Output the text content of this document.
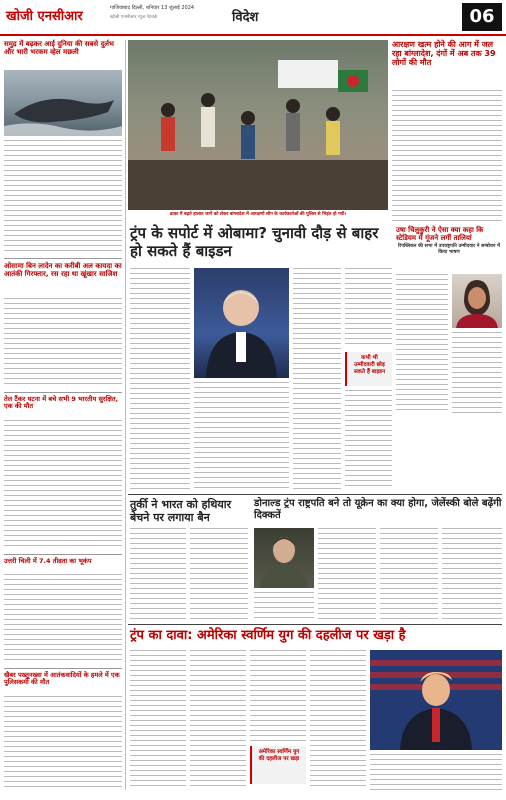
खोजी एनसीआर
गाजियाबाद दिल्ली, शनिवार 13 जुलाई 2024
खोजी एनसीआर न्यूज नेटवर्क	विदेश	06
समुद्र में बढ़कर आई दुनिया की सबसे दुर्लभ और भारी भरकम व्हेल मछली
ओसामा बिन लादेन का करीबी अल कायदा का आतंकी गिरफ्तार, रस रहा था खूंखार साजिश
तेल टैंकर घटना में बचे सभी 9 भारतीय सुरक्षित, एक की मौत
उत्तरी चिली में 7.4 तीव्रता का भूकंप
खैबर पख्तूनख्वा में आतंकवादियों के हमले में एक पुलिसकर्मी की मौत
ढाका में बढ़ते हालात जानें को लेकर बांग्लादेश में आरक्षणों लीग के कार्यकर्ताओं की पुलिस से भिड़ंत हो गयी।
आरक्षण खत्म होने की आग में जल रहा बांग्लादेश, दंगों में अब तक 39 लोगों की मौत
ट्रंप के सपोर्ट में ओबामा? चुनावी दौड़ से बाहर हो सकते हैं बाइडन
कभी भी उम्मीदवारी छोड़ सकते हैं बाइडन
उषा चिलुकुरी ने ऐसा क्या कहा कि स्टेडियम में गूंजने लगीं तालियां
रिपब्लिकन की सभा में उपराष्ट्रपति उम्मीदवार ने सम्बोधन में किया भाषण
तुर्की ने भारत को हथियार बेचने पर लगाया बैन
डोनाल्ड ट्रंप राष्ट्रपति बने तो यूक्रेन का क्या होगा, जेलेंस्की बोले बढ़ेंगी दिक्कतें
ट्रंप का दावा: अमेरिका स्वर्णिम युग की दहलीज पर खड़ा है
अमेरिका स्वर्णिम युग की दहलीज पर खड़ा
